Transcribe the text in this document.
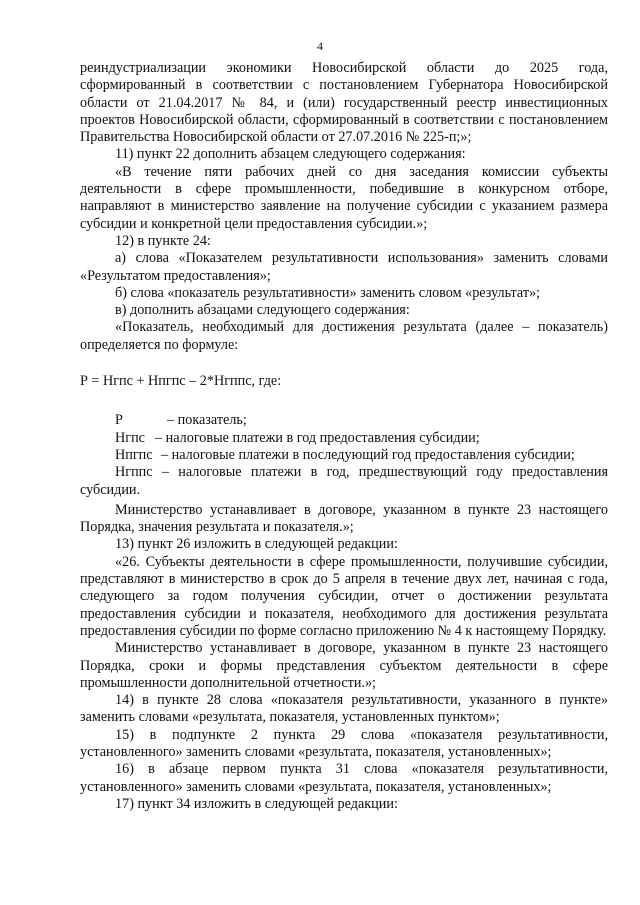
4

реиндустриализации экономики Новосибирской области до 2025 года, сформированный в соответствии с постановлением Губернатора Новосибирской области от 21.04.2017 № 84, и (или) государственный реестр инвестиционных проектов Новосибирской области, сформированный в соответствии с постановлением Правительства Новосибирской области от 27.07.2016 № 225-п;»;

11) пункт 22 дополнить абзацем следующего содержания:

«В течение пяти рабочих дней со дня заседания комиссии субъекты деятельности в сфере промышленности, победившие в конкурсном отборе, направляют в министерство заявление на получение субсидии с указанием размера субсидии и конкретной цели предоставления субсидии.»;

12) в пункте 24:

а) слова «Показателем результативности использования» заменить словами «Результатом предоставления»;

б) слова «показатель результативности» заменить словом «результат»;

в) дополнить абзацами следующего содержания:

«Показатель, необходимый для достижения результата (далее – показатель) определяется по формуле:

Р = Нгпс + Нпгпс – 2*Нгппс, где:

Р	– показатель;
Нгпс – налоговые платежи в год предоставления субсидии;
Нпгпс – налоговые платежи в последующий год предоставления субсидии;

Нгппс – налоговые платежи в год, предшествующий году предоставления субсидии.

Министерство устанавливает в договоре, указанном в пункте 23 настоящего Порядка, значения результата и показателя.»;

13) пункт 26 изложить в следующей редакции:

«26. Субъекты деятельности в сфере промышленности, получившие субсидии, представляют в министерство в срок до 5 апреля в течение двух лет, начиная с года, следующего за годом получения субсидии, отчет о достижении результата предоставления субсидии и показателя, необходимого для достижения результата предоставления субсидии по форме согласно приложению № 4 к настоящему Порядку.

Министерство устанавливает в договоре, указанном в пункте 23 настоящего Порядка, сроки и формы представления субъектом деятельности в сфере промышленности дополнительной отчетности.»;

14) в пункте 28 слова «показателя результативности, указанного в пункте» заменить словами «результата, показателя, установленных пунктом»;

15) в подпункте 2 пункта 29 слова «показателя результативности, установленного» заменить словами «результата, показателя, установленных»;

16) в абзаце первом пункта 31 слова «показателя результативности, установленного» заменить словами «результата, показателя, установленных»;

17) пункт 34 изложить в следующей редакции:
